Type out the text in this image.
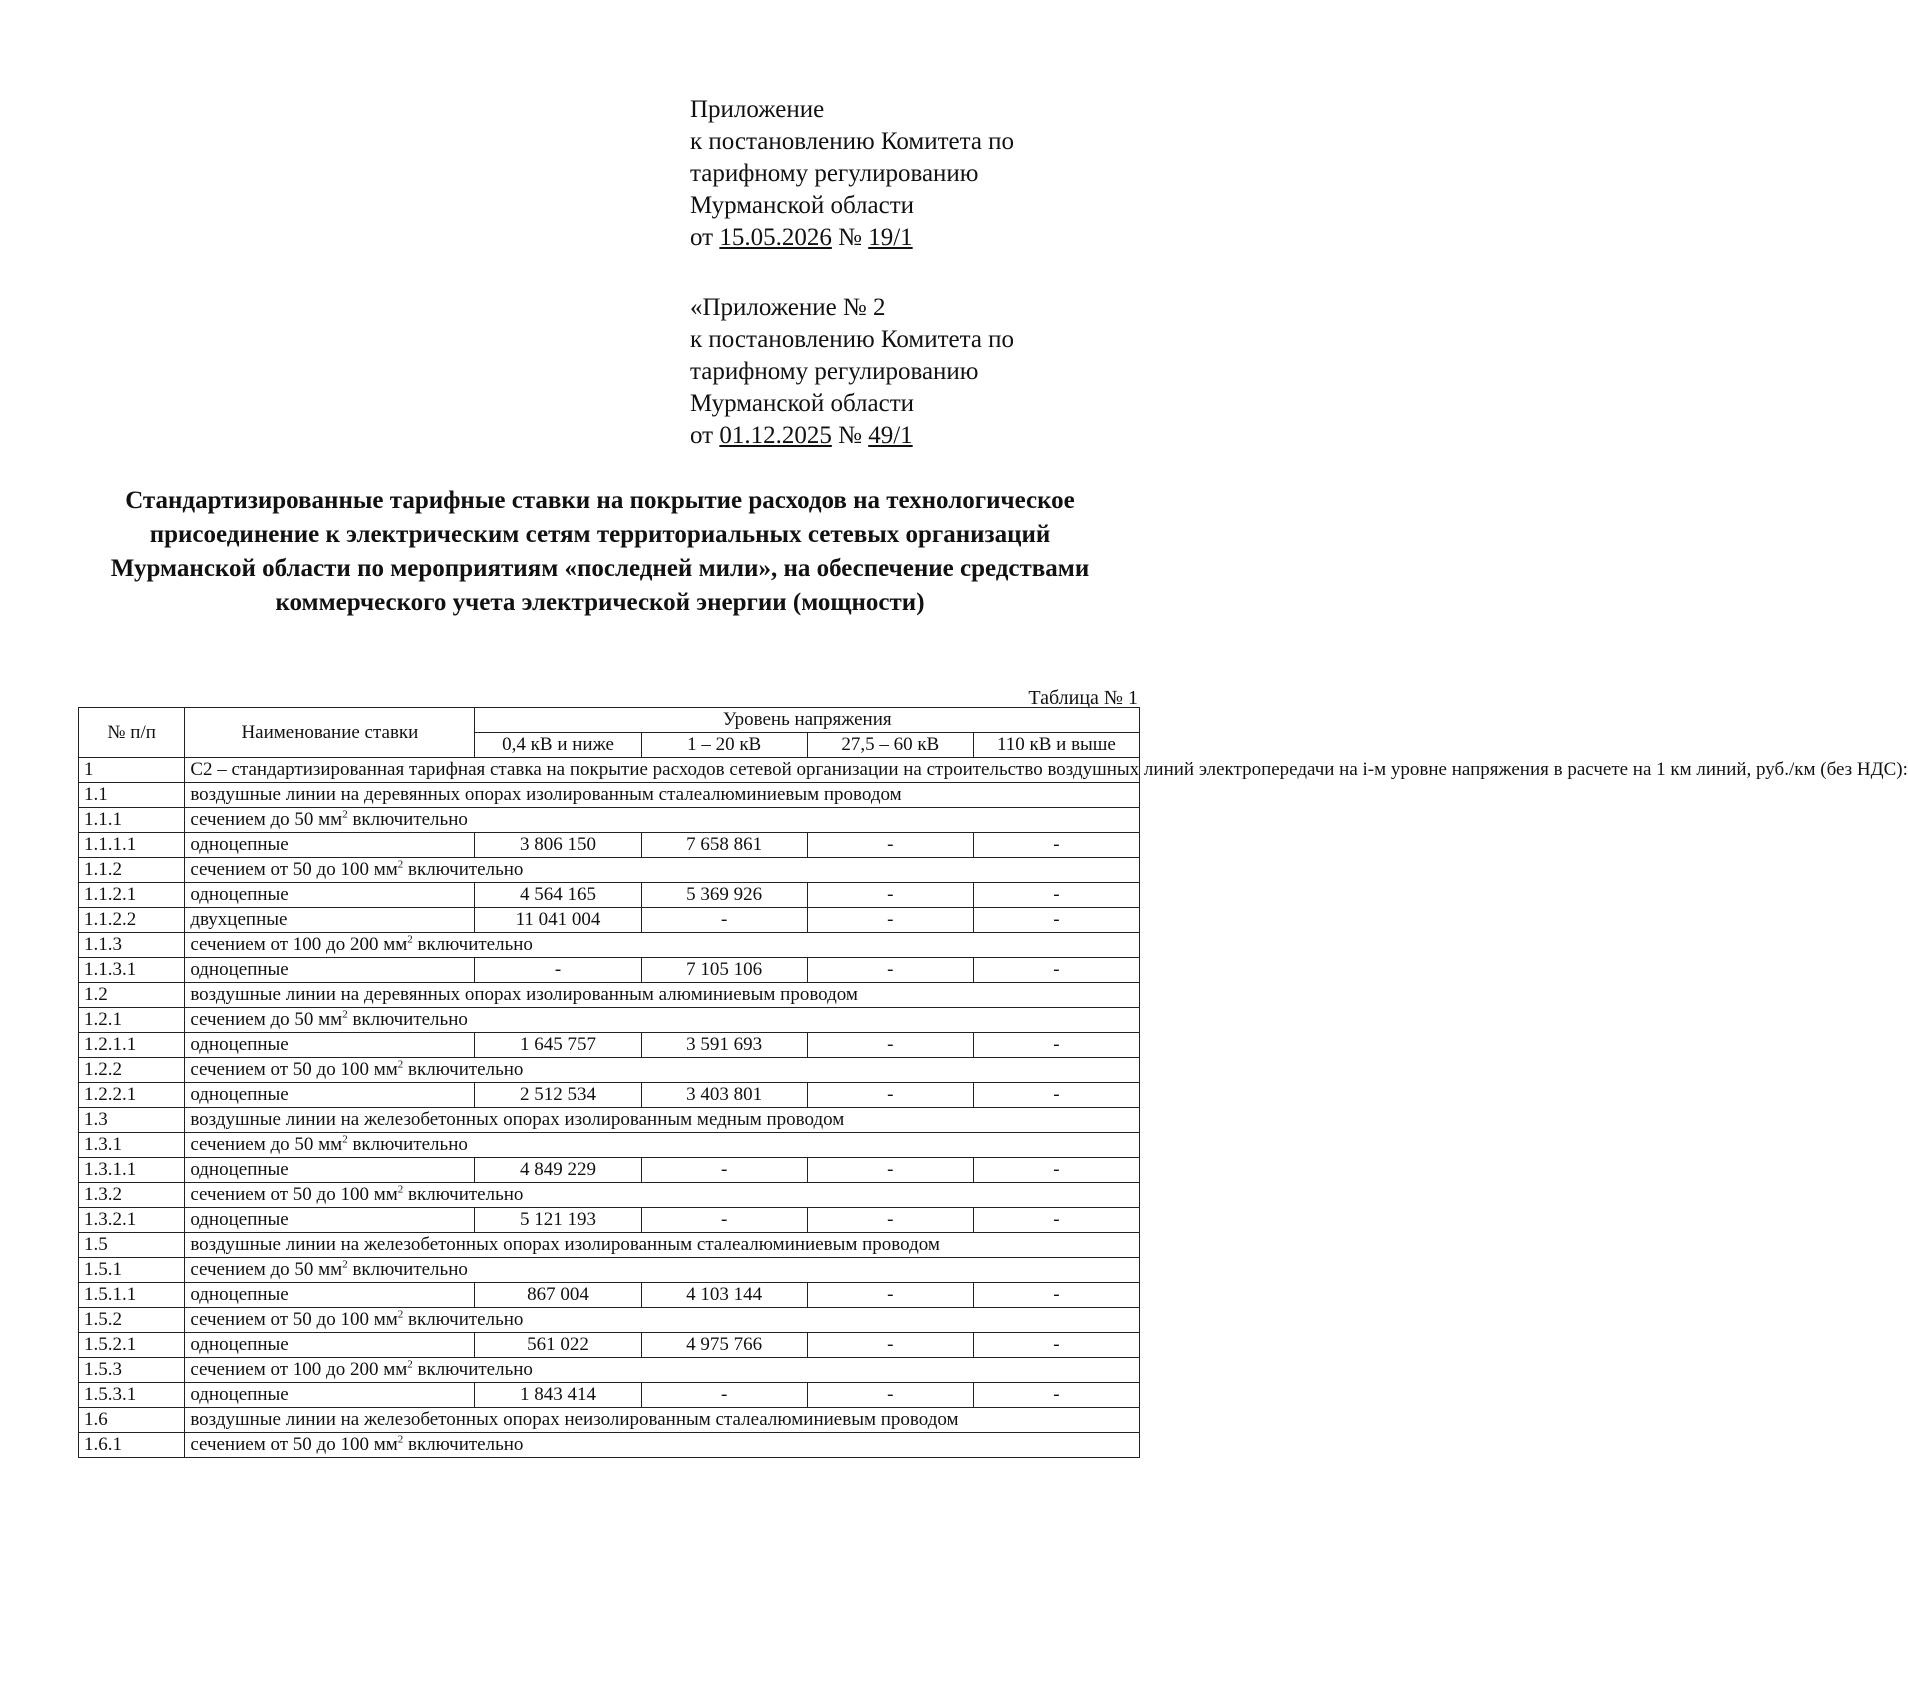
Приложение
к постановлению Комитета по
тарифному регулированию
Мурманской области
от 15.05.2026 № 19/1
«Приложение № 2
к постановлению Комитета по
тарифному регулированию
Мурманской области
от 01.12.2025 № 49/1
Стандартизированные тарифные ставки на покрытие расходов на технологическое присоединение к электрическим сетям территориальных сетевых организаций Мурманской области по мероприятиям «последней мили», на обеспечение средствами коммерческого учета электрической энергии (мощности)
Таблица № 1
№ п/п	Наименование ставки	Уровень напряжения			
		0,4 кВ и ниже	1 – 20 кВ	27,5 – 60 кВ	110 кВ и выше
1	С2 – стандартизированная тарифная ставка на покрытие расходов сетевой организации на строительство воздушных линий электропередачи на i-м уровне напряжения в расчете на 1 км линий, руб./км (без НДС):				
1.1	воздушные линии на деревянных опорах изолированным сталеалюминиевым проводом				
1.1.1	сечением до 50 $мм^2$ включительно				
1.1.1.1	одноцепные	3 806 150	7 658 861	-	-
1.1.2	сечением от 50 до 100 $мм^2$ включительно				
1.1.2.1	одноцепные	4 564 165	5 369 926	-	-
1.1.2.2	двухцепные	11 041 004	-	-	-
1.1.3	сечением от 100 до 200 $мм^2$ включительно				
1.1.3.1	одноцепные	-	7 105 106	-	-
1.2	воздушные линии на деревянных опорах изолированным алюминиевым проводом				
1.2.1	сечением до 50 $мм^2$ включительно				
1.2.1.1	одноцепные	1 645 757	3 591 693	-	-
1.2.2	сечением от 50 до 100 $мм^2$ включительно				
1.2.2.1	одноцепные	2 512 534	3 403 801	-	-
1.3	воздушные линии на железобетонных опорах изолированным медным проводом				
1.3.1	сечением до 50 $мм^2$ включительно				
1.3.1.1	одноцепные	4 849 229	-	-	-
1.3.2	сечением от 50 до 100 $мм^2$ включительно				
1.3.2.1	одноцепные	5 121 193	-	-	-
1.5	воздушные линии на железобетонных опорах изолированным сталеалюминиевым проводом				
1.5.1	сечением до 50 $мм^2$ включительно				
1.5.1.1	одноцепные	867 004	4 103 144	-	-
1.5.2	сечением от 50 до 100 $мм^2$ включительно				
1.5.2.1	одноцепные	561 022	4 975 766	-	-
1.5.3	сечением от 100 до 200 $мм^2$ включительно				
1.5.3.1	одноцепные	1 843 414	-	-	-
1.6	воздушные линии на железобетонных опорах неизолированным сталеалюминиевым проводом				
1.6.1	сечением от 50 до 100 $мм^2$ включительно				
